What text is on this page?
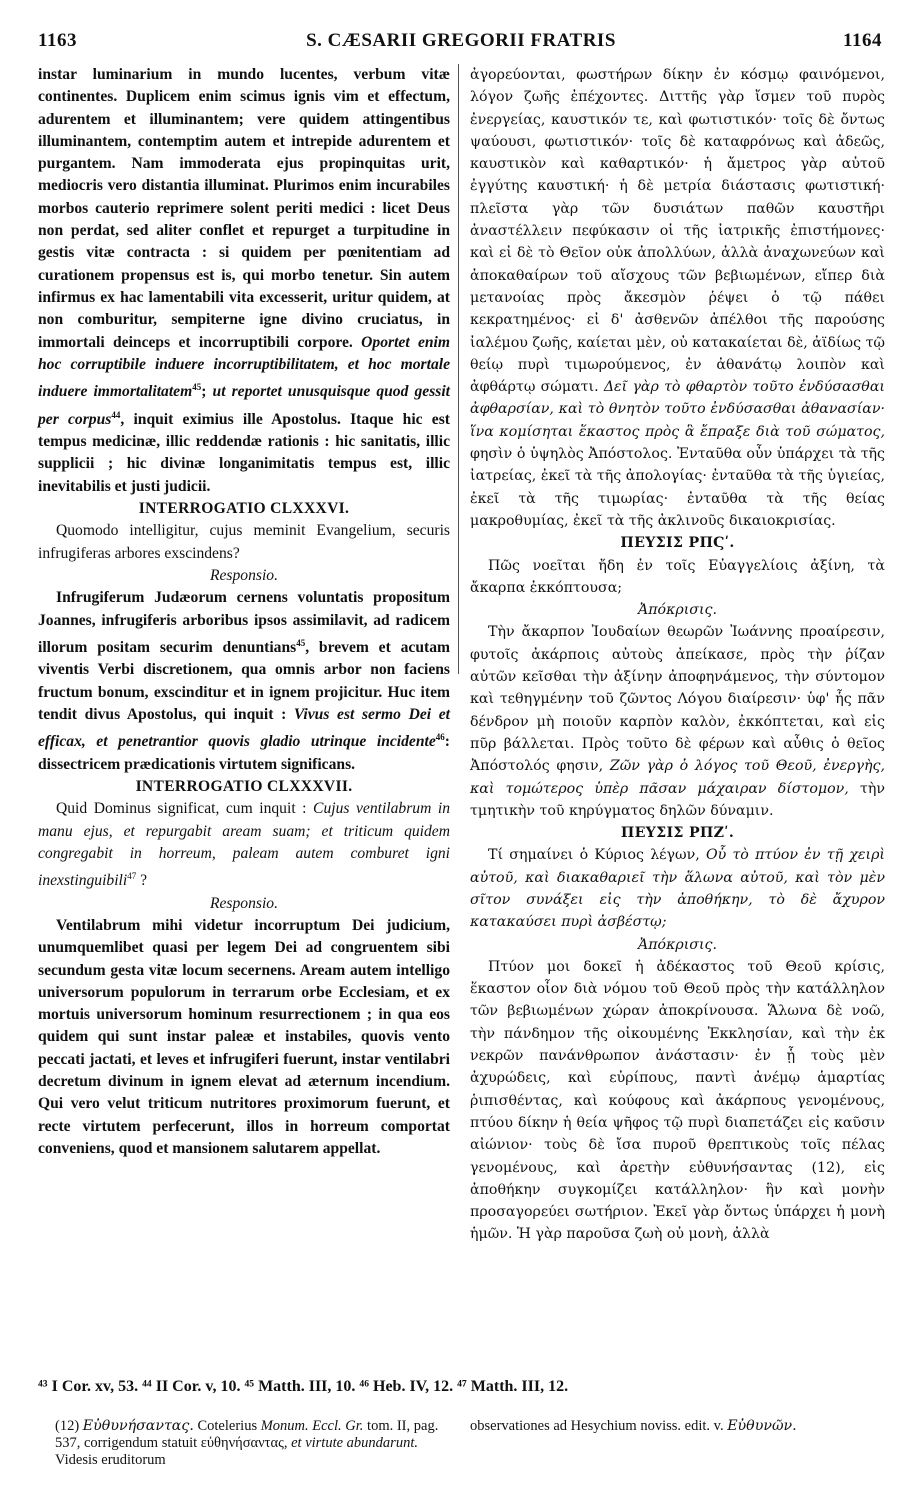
1163	S. CÆSARII GREGORII FRATRIS	1164

instar luminarium in mundo lucentes, verbum vitæ continentes. Duplicem enim scimus ignis vim et effectum, adurentem et illuminantem; vere quidem attingentibus illuminantem, contemptim autem et intrepide adurentem et purgantem. Nam immoderata ejus propinquitas urit, mediocris vero distantia illuminat. Plurimos enim incurabiles morbos cauterio reprimere solent periti medici : licet Deus non perdat, sed aliter conflet et repurget a turpitudine in gestis vitæ contracta : si quidem per pœnitentiam ad curationem propensus est is, qui morbo tenetur. Sin autem infirmus ex hac lamentabili vita excesserit, uritur quidem, at non comburitur, sempiterne igne divino cruciatus, in immortali deinceps et incorruptibili corpore. Oportet enim hoc corruptibile induere incorruptibilitatem, et hoc mortale induere immortalitatem$^{45}$; ut reportet unusquisque quod gessit per corpus$^{44}$, inquit eximius ille Apostolus. Itaque hic est tempus medicinæ, illic reddendæ rationis : hic sanitatis, illic supplicii ; hic divinæ longanimitatis tempus est, illic inevitabilis et justi judicii.

INTERROGATIO CLXXXVI.

Quomodo intelligitur, cujus meminit Evangelium, securis infrugiferas arbores exscindens?

Responsio.

Infrugiferum Judæorum cernens voluntatis propositum Joannes, infrugiferis arboribus ipsos assimilavit, ad radicem illorum positam securim denuntians$^{45}$, brevem et acutam viventis Verbi discretionem, qua omnis arbor non faciens fructum bonum, exscinditur et in ignem projicitur. Huc item tendit divus Apostolus, qui inquit : Vivus est sermo Dei et efficax, et penetrantior quovis gladio utrinque incidente$^{46}$: dissectricem prædicationis virtutem significans.

INTERROGATIO CLXXXVII.

Quid Dominus significat, cum inquit : Cujus ventilabrum in manu ejus, et repurgabit aream suam; et triticum quidem congregabit in horreum, paleam autem comburet igni inexstinguibili$^{47}$ ?

Responsio.

Ventilabrum mihi videtur incorruptum Dei judicium, unumquemlibet quasi per legem Dei ad congruentem sibi secundum gesta vitæ locum secernens. Aream autem intelligo universorum populorum in terrarum orbe Ecclesiam, et ex mortuis universorum hominum resurrectionem ; in qua eos quidem qui sunt instar paleæ et instabiles, quovis vento peccati jactati, et leves et infrugiferi fuerunt, instar ventilabri decretum divinum in ignem elevat ad æternum incendium. Qui vero velut triticum nutritores proximorum fuerunt, et recte virtutem perfecerunt, illos in horreum comportat conveniens, quod et mansionem salutarem appellat.

ἀγορεύονται, φωστήρων δίκην ἐν κόσμῳ φαινόμενοι, λόγον ζωῆς ἐπέχοντες. Διττῆς γὰρ ἴσμεν τοῦ πυρὸς ἐνεργείας, καυστικόν τε, καὶ φωτιστικόν· τοῖς δὲ ὄντως ψαύουσι, φωτιστικόν· τοῖς δὲ καταφρόνως καὶ ἀδεῶς, καυστικὸν καὶ καθαρτικόν· ἡ ἄμετρος γὰρ αὐτοῦ ἐγγύτης καυστική· ἡ δὲ μετρία διάστασις φωτιστική· πλεῖστα γὰρ τῶν δυσιάτων παθῶν καυστῆρι ἀναστέλλειν πεφύκασιν οἱ τῆς ἰατρικῆς ἐπιστήμονες· καὶ εἰ δὲ τὸ Θεῖον οὐκ ἀπολλύων, ἀλλὰ ἀναχωνεύων καὶ ἀποκαθαίρων τοῦ αἴσχους τῶν βεβιωμένων, εἴπερ διὰ μετανοίας πρὸς ἄκεσμὸν ῥέψει ὁ τῷ πάθει κεκρατημένος· εἰ δ' ἀσθενῶν ἀπέλθοι τῆς παρούσης ἰαλέμου ζωῆς, καίεται μὲν, οὐ κατακαίεται δὲ, ἀϊδίως τῷ θείῳ πυρὶ τιμωρούμενος, ἐν ἀθανάτῳ λοιπὸν καὶ ἀφθάρτῳ σώματι. Δεῖ γὰρ τὸ φθαρτὸν τοῦτο ἐνδύσασθαι ἀφθαρσίαν, καὶ τὸ θνητὸν τοῦτο ἐνδύσασθαι ἀθανασίαν· ἵνα κομίσηται ἕκαστος πρὸς ἃ ἔπραξε διὰ τοῦ σώματος, φησὶν ὁ ὑψηλὸς Ἀπόστολος. Ἐνταῦθα οὖν ὑπάρχει τὰ τῆς ἰατρείας, ἐκεῖ τὰ τῆς ἀπολογίας· ἐνταῦθα τὰ τῆς ὑγιείας, ἐκεῖ τὰ τῆς τιμωρίας· ἐνταῦθα τὰ τῆς θείας μακροθυμίας, ἐκεῖ τὰ τῆς ἀκλινοῦς δικαιοκρισίας.

ΠΕΥΣΙΣ ΡΠϚʹ.

Πῶς νοεῖται ἤδη ἐν τοῖς Εὐαγγελίοις ἀξίνη, τὰ ἄκαρπα ἐκκόπτουσα;

Ἀπόκρισις.

Τὴν ἄκαρπον Ἰουδαίων θεωρῶν Ἰωάννης προαίρεσιν, φυτοῖς ἀκάρποις αὐτοὺς ἀπείκασε, πρὸς τὴν ῥίζαν αὐτῶν κεῖσθαι τὴν ἀξίνην ἀποφηνάμενος, τὴν σύντομον καὶ τεθηγμένην τοῦ ζῶντος Λόγου διαίρεσιν· ὑφ' ἧς πᾶν δένδρον μὴ ποιοῦν καρπὸν καλὸν, ἐκκόπτεται, καὶ εἰς πῦρ βάλλεται. Πρὸς τοῦτο δὲ φέρων καὶ αὖθις ὁ θεῖος Ἀπόστολός φησιν, Ζῶν γὰρ ὁ λόγος τοῦ Θεοῦ, ἐνεργὴς, καὶ τομώτερος ὑπὲρ πᾶσαν μάχαιραν δίστομον, τὴν τμητικὴν τοῦ κηρύγματος δηλῶν δύναμιν.

ΠΕΥΣΙΣ ΡΠΖʹ.

Τί σημαίνει ὁ Κύριος λέγων, Οὗ τὸ πτύον ἐν τῇ χειρὶ αὐτοῦ, καὶ διακαθαριεῖ τὴν ἅλωνα αὐτοῦ, καὶ τὸν μὲν σῖτον συνάξει εἰς τὴν ἀποθήκην, τὸ δὲ ἄχυρον κατακαύσει πυρὶ ἀσβέστῳ;

Ἀπόκρισις.

Πτύον μοι δοκεῖ ἡ ἀδέκαστος τοῦ Θεοῦ κρίσις, ἕκαστον οἷον διὰ νόμου τοῦ Θεοῦ πρὸς τὴν κατάλληλον τῶν βεβιωμένων χώραν ἀποκρίνουσα. Ἅλωνα δὲ νοῶ, τὴν πάνδημον τῆς οἰκουμένης Ἐκκλησίαν, καὶ τὴν ἐκ νεκρῶν πανάνθρωπον ἀνάστασιν· ἐν ᾗ τοὺς μὲν ἀχυρώδεις, καὶ εὐρίπους, παντὶ ἀνέμῳ ἁμαρτίας ῥιπισθέντας, καὶ κούφους καὶ ἀκάρπους γενομένους, πτύου δίκην ἡ θεία ψῆφος τῷ πυρὶ διαπετάζει εἰς καῦσιν αἰώνιον· τοὺς δὲ ἴσα πυροῦ θρεπτικοὺς τοῖς πέλας γενομένους, καὶ ἀρετὴν εὐθυνήσαντας (12), εἰς ἀποθήκην συγκομίζει κατάλληλον· ἣν καὶ μονὴν προσαγορεύει σωτήριον. Ἐκεῖ γὰρ ὄντως ὑπάρχει ἡ μονὴ ἡμῶν. Ἡ γὰρ παροῦσα ζωὴ οὐ μονὴ, ἀλλὰ

⁴³ I Cor. xv, 53. ⁴⁴ II Cor. v, 10. ⁴⁵ Matth. III, 10. ⁴⁶ Heb. IV, 12. ⁴⁷ Matth. III, 12.
(12) Εὐθυνήσαντας. Cotelerius Monum. Eccl. Gr. tom. II, pag. 537, corrigendum statuit εὐθηνήσαντας, et virtute abundarunt. Videsis eruditorum
observationes ad Hesychium noviss. edit. v. Εὐθυνῶν.
